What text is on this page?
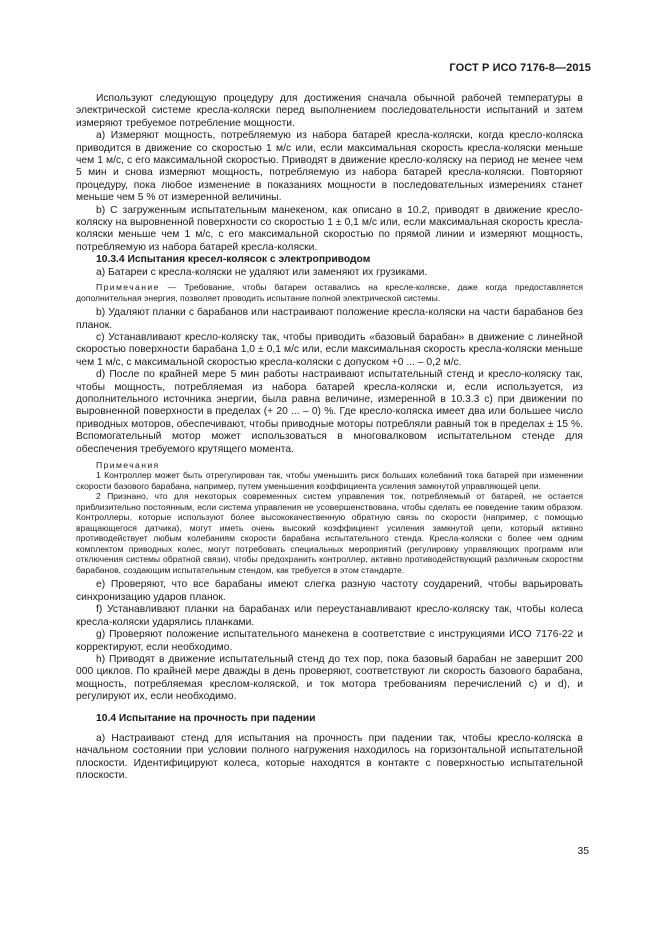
ГОСТ Р ИСО 7176-8—2015

Используют следующую процедуру для достижения сначала обычной рабочей температуры в электрической системе кресла-коляски перед выполнением последовательности испытаний и затем измеряют требуемое потребление мощности.

а) Измеряют мощность, потребляемую из набора батарей кресла-коляски, когда кресло-коляска приводится в движение со скоростью 1 м/с или, если максимальная скорость кресла-коляски меньше чем 1 м/с, с его максимальной скоростью. Приводят в движение кресло-коляску на период не менее чем 5 мин и снова измеряют мощность, потребляемую из набора батарей кресла-коляски. Повторяют процедуру, пока любое изменение в показаниях мощности в последовательных измерениях станет меньше чем 5 % от измеренной величины.

b) С загруженным испытательным манекеном, как описано в 10.2, приводят в движение кресло-коляску на выровненной поверхности со скоростью 1 ± 0,1 м/с или, если максимальная скорость кресла-коляски меньше чем 1 м/с, с его максимальной скоростью по прямой линии и измеряют мощность, потребляемую из набора батарей кресла-коляски.

10.3.4 Испытания кресел-колясок с электроприводом

a) Батареи с кресла-коляски не удаляют или заменяют их грузиками.

Примечание — Требование, чтобы батареи оставались на кресле-коляске, даже когда предоставляется дополнительная энергия, позволяет проводить испытание полной электрической системы.

b) Удаляют планки с барабанов или настраивают положение кресла-коляски на части барабанов без планок.

c) Устанавливают кресло-коляску так, чтобы приводить «базовый барабан» в движение с линейной скоростью поверхности барабана 1,0 ± 0,1 м/с или, если максимальная скорость кресла-коляски меньше чем 1 м/с, с максимальной скоростью кресла-коляски с допуском +0 ... – 0,2 м/с.

d) После по крайней мере 5 мин работы настраивают испытательный стенд и кресло-коляску так, чтобы мощность, потребляемая из набора батарей кресла-коляски и, если используется, из дополнительного источника энергии, была равна величине, измеренной в 10.3.3 с) при движении по выровненной поверхности в пределах (+ 20 ... – 0) %. Где кресло-коляска имеет два или большее число приводных моторов, обеспечивают, чтобы приводные моторы потребляли равный ток в пределах ± 15 %. Вспомогательный мотор может использоваться в многовалковом испытательном стенде для обеспечения требуемого крутящего момента.

Примечания

1 Контроллер может быть отрегулирован так, чтобы уменьшить риск больших колебаний тока батарей при изменении скорости базового барабана, например, путем уменьшения коэффициента усиления замкнутой управляющей цепи.

2 Признано, что для некоторых современных систем управления ток, потребляемый от батарей, не остается приблизительно постоянным, если система управления не усовершенствована, чтобы сделать ее поведение таким образом. Контроллеры, которые используют более высококачественную обратную связь по скорости (например, с помощью вращающегося датчика), могут иметь очень высокий коэффициент усиления замкнутой цепи, который активно противодействует любым колебаниям скорости барабана испытательного стенда. Кресла-коляски с более чем одним комплектом приводных колес, могут потребовать специальных мероприятий (регулировку управляющих программ или отключения системы обратной связи), чтобы предохранить контроллер, активно противодействующий различным скоростям барабанов, создающим испытательным стендом, как требуется в этом стандарте.

e) Проверяют, что все барабаны имеют слегка разную частоту соударений, чтобы варьировать синхронизацию ударов планок.

f) Устанавливают планки на барабанах или переустанавливают кресло-коляску так, чтобы колеса кресла-коляски ударялись планками.

g) Проверяют положение испытательного манекена в соответствие с инструкциями ИСО 7176-22 и корректируют, если необходимо.

h) Приводят в движение испытательный стенд до тех пор, пока базовый барабан не завершит 200 000 циклов. По крайней мере дважды в день проверяют, соответствуют ли скорость базового барабана, мощность, потребляемая креслом-коляской, и ток мотора требованиям перечислений с) и d), и регулируют их, если необходимо.

10.4 Испытание на прочность при падении

a) Настраивают стенд для испытания на прочность при падении так, чтобы кресло-коляска в начальном состоянии при условии полного нагружения находилось на горизонтальной испытательной плоскости. Идентифицируют колеса, которые находятся в контакте с поверхностью испытательной плоскости.

35
